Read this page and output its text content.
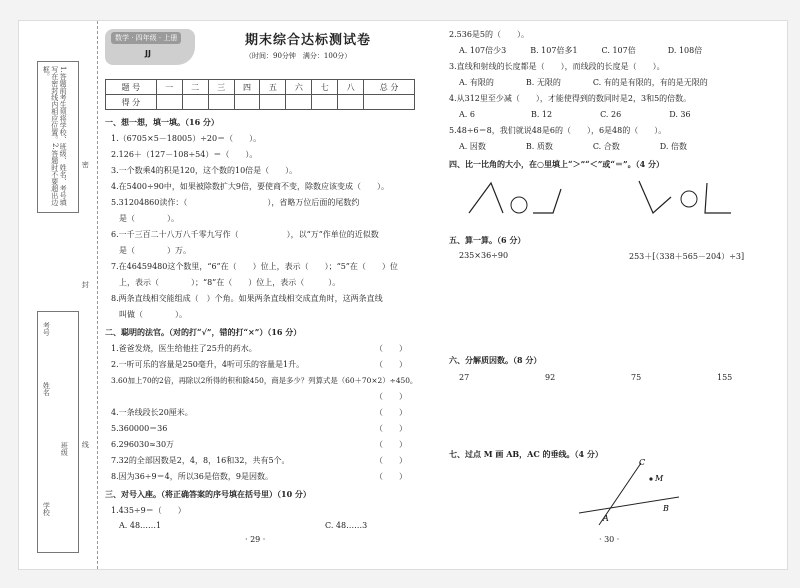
1.答题前考生须将学校、班级、姓名、考号填写在密封线内相应位置。2.答题时不要超出边框。
密
封
考号
姓名
班级
学校
线
数学 · 四年级 · 上册
JJ
期末综合达标测试卷
（时间：90分钟　满分：100分）
题 号	一	二	三	四	五	六	七	八	总 分
得 分									
一、想一想，填一填。（16 分）
1.（6705×5－18005）÷20＝（　　）。
2.126＋（127－108÷54）＝（　　）。
3.一个数乘4的积是120，这个数的10倍是（　　）。
4.在5400÷90中，如果被除数扩大9倍，要使商不变，除数应该变成（　　）。
5.31204860读作：（　　　　　　　　　　），省略万位后面的尾数约
是（　　　　）。
6.一千三百二十八万八千零九写作（　　　　　　），以“万”作单位的近似数
是（　　　　）万。
7.在46459480这个数里，“6”在（　　）位上，表示（　　）；“5”在（　　）位
上，表示（　　　　）；“8”在（　　）位上，表示（　　　）。
8.两条直线相交能组成（　）个角。如果两条直线相交成直角时，这两条直线
叫做（　　　　）。
二、聪明的法官。（对的打“√”，错的打“×”）（16 分）
1.爸爸发烧，医生给他拄了25升的药水。	（　　）
2.一听可乐的容量是250毫升，4听可乐的容量是1升。	（　　）
3.60加上70的2倍，再除以2所得的积和除450，商是多少？列算式是（60＋70×2）÷450。
（　　）
4.一条线段长20厘米。	（　　）
5.360000＝36	（　　）
6.296030≈30万	（　　）
7.32的全部因数是2，4，8，16和32，共有5个。	（　　）
8.因为36÷9＝4，所以36是倍数，9是因数。	（　　）
三、对号入座。（将正确答案的序号填在括号里）（10 分）
1.435÷9＝（　　）
A. 48……1	C. 48……3
· 29 ·
2.536是5的（　　）。
A. 107倍少3　　　B. 107倍多1　　　C. 107倍　　　　D. 108倍
3.直线和射线的长度都是（　　），而线段的长度是（　　）。
A. 有限的　　　　B. 无限的　　　　C. 有的是有限的，有的是无限的
4.从312里至少减（　　），才能使得到的数同时是2，3和5的倍数。
A. 6　　　　　　　B. 12　　　　　　C. 26　　　　　　D. 36
5.48÷6＝8，我们就说48是6的（　　），6是48的（　　）。
A. 因数　　　　　B. 质数　　　　　C. 合数　　　　　D. 倍数
四、比一比角的大小，在○里填上“＞”“＜”或“＝”。（4 分）
五、算一算。（6 分）
235×36÷90	253＋[（338＋565－204）÷3]
六、分解质因数。（8 分）
27	92	75	155
七、过点 M 画 AB，AC 的垂线。（4 分）
C
M
A
B
· 30 ·
